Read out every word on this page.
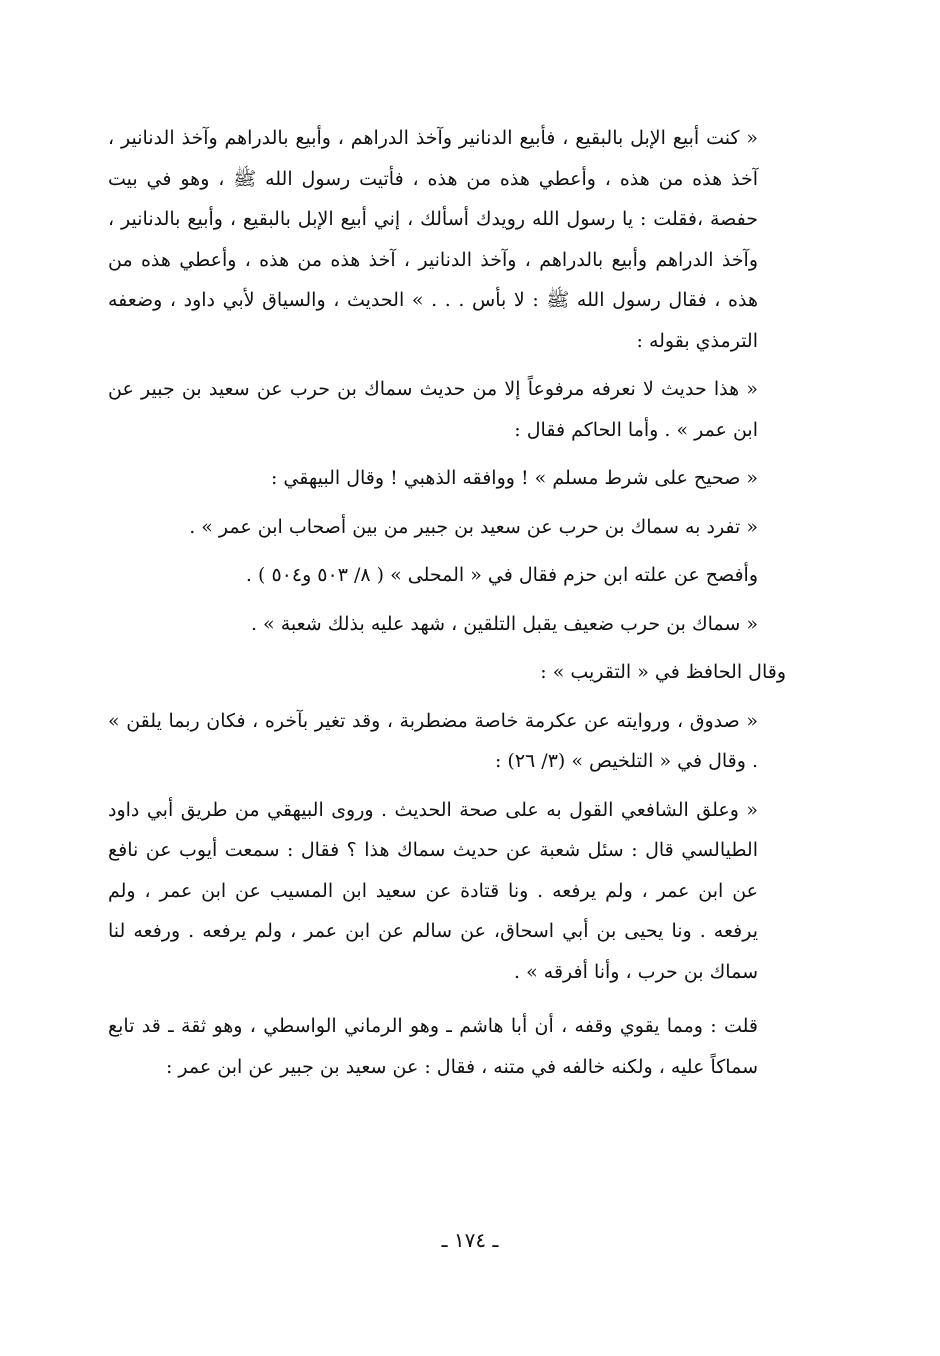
« كنت أبيع الإبل بالبقيع ، فأبيع الدنانير وآخذ الدراهم ، وأبيع بالدراهم وآخذ الدنانير ، آخذ هذه من هذه ، وأعطي هذه من هذه ، فأتيت رسول الله ﷺ ، وهو في بيت حفصة ،فقلت : يا رسول الله رويدك أسألك ، إني أبيع الإبل بالبقيع ، وأبيع بالدنانير ، وآخذ الدراهم وأبيع بالدراهم ، وآخذ الدنانير ، آخذ هذه من هذه ، وأعطي هذه من هذه ، فقال رسول الله ﷺ : لا بأس . . . » الحديث ، والسياق لأبي داود ، وضعفه الترمذي بقوله :

« هذا حديث لا نعرفه مرفوعاً إلا من حديث سماك بن حرب عن سعيد بن جبير عن ابن عمر » . وأما الحاكم فقال :

« صحيح على شرط مسلم » ! ووافقه الذهبي ! وقال البيهقي :

« تفرد به سماك بن حرب عن سعيد بن جبير من بين أصحاب ابن عمر » .

وأفصح عن علته ابن حزم فقال في « المحلى » ( ٨/ ٥٠٣ و٥٠٤ ) .

« سماك بن حرب ضعيف يقبل التلقين ، شهد عليه بذلك شعبة » .

وقال الحافظ في « التقريب » :

« صدوق ، وروايته عن عكرمة خاصة مضطربة ، وقد تغير بآخره ، فكان ربما يلقن » . وقال في « التلخيص » (٣/ ٢٦) :

« وعلق الشافعي القول به على صحة الحديث . وروى البيهقي من طريق أبي داود الطيالسي قال : سئل شعبة عن حديث سماك هذا ؟ فقال : سمعت أيوب عن نافع عن ابن عمر ، ولم يرفعه . ونا قتادة عن سعيد ابن المسيب عن ابن عمر ، ولم يرفعه . ونا يحيى بن أبي اسحاق، عن سالم عن ابن عمر ، ولم يرفعه . ورفعه لنا سماك بن حرب ، وأنا أفرقه » .

قلت : ومما يقوي وقفه ، أن أبا هاشم ـ وهو الرماني الواسطي ، وهو ثقة ـ قد تابع سماكاً عليه ، ولكنه خالفه في متنه ، فقال : عن سعيد بن جبير عن ابن عمر :

ـ ١٧٤ ـ
